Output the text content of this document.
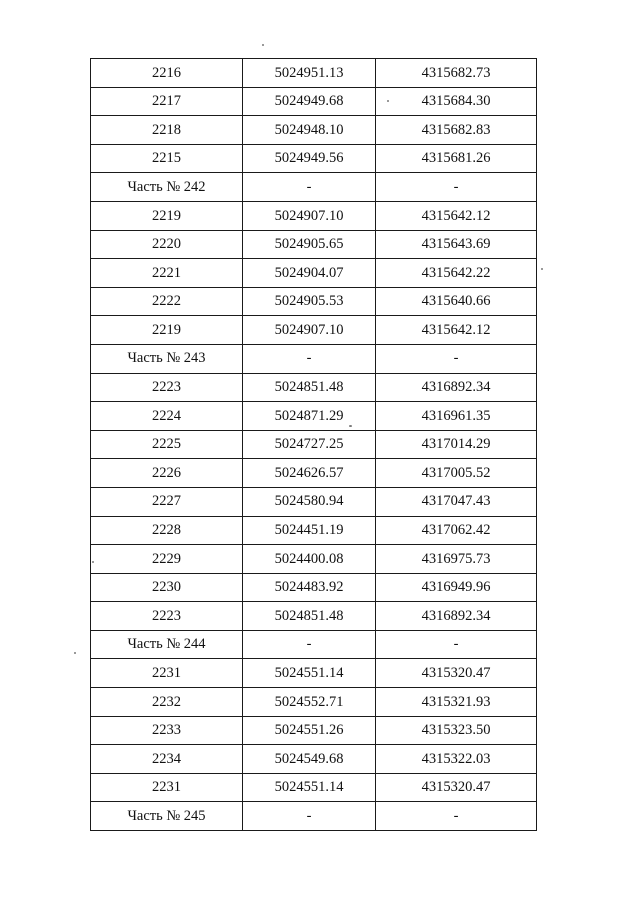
2216	5024951.13	4315682.73
2217	5024949.68	4315684.30
2218	5024948.10	4315682.83
2215	5024949.56	4315681.26
Часть № 242	-	-
2219	5024907.10	4315642.12
2220	5024905.65	4315643.69
2221	5024904.07	4315642.22
2222	5024905.53	4315640.66
2219	5024907.10	4315642.12
Часть № 243	-	-
2223	5024851.48	4316892.34
2224	5024871.29	4316961.35
2225	5024727.25	4317014.29
2226	5024626.57	4317005.52
2227	5024580.94	4317047.43
2228	5024451.19	4317062.42
2229	5024400.08	4316975.73
2230	5024483.92	4316949.96
2223	5024851.48	4316892.34
Часть № 244	-	-
2231	5024551.14	4315320.47
2232	5024552.71	4315321.93
2233	5024551.26	4315323.50
2234	5024549.68	4315322.03
2231	5024551.14	4315320.47
Часть № 245	-	-
